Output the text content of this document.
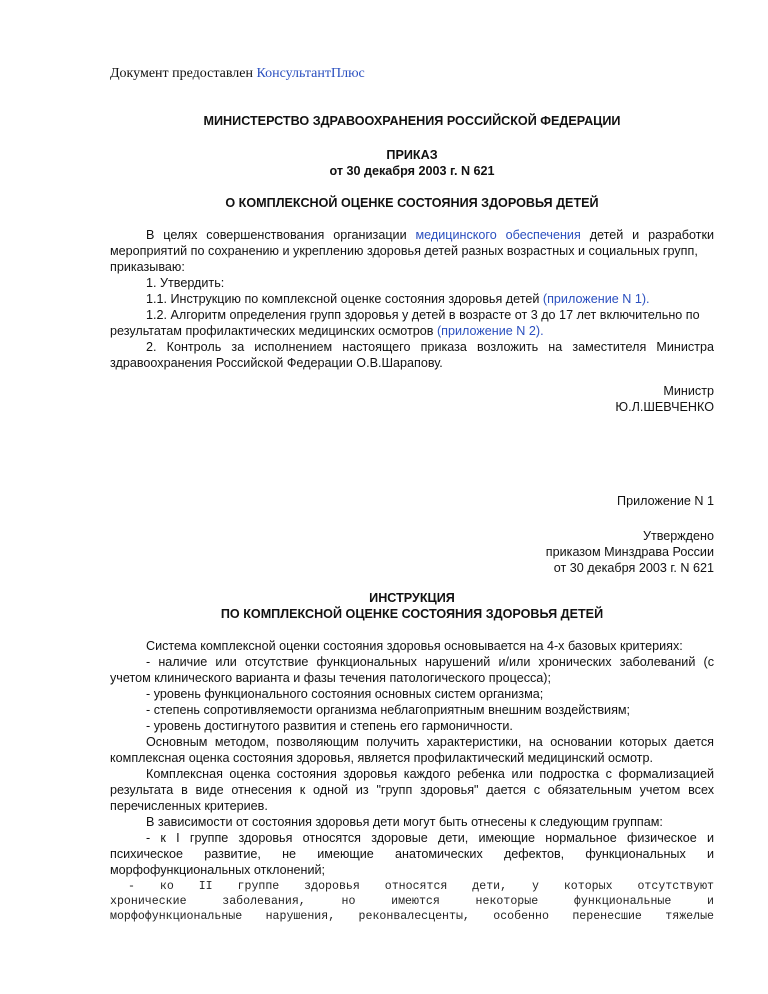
Документ предоставлен КонсультантПлюс
МИНИСТЕРСТВО ЗДРАВООХРАНЕНИЯ РОССИЙСКОЙ ФЕДЕРАЦИИ
ПРИКАЗ
от 30 декабря 2003 г. N 621
О КОМПЛЕКСНОЙ ОЦЕНКЕ СОСТОЯНИЯ ЗДОРОВЬЯ ДЕТЕЙ
В целях совершенствования организации медицинского обеспечения детей и разработки
мероприятий по сохранению и укреплению здоровья детей разных возрастных и социальных групп,
приказываю:
1. Утвердить:
1.1. Инструкцию по комплексной оценке состояния здоровья детей (приложение N 1).
1.2. Алгоритм определения групп здоровья у детей в возрасте от 3 до 17 лет включительно по
результатам профилактических медицинских осмотров (приложение N 2).
2. Контроль за исполнением настоящего приказа возложить на заместителя Министра
здравоохранения Российской Федерации О.В.Шарапову.
Министр
Ю.Л.ШЕВЧЕНКО
Приложение N 1
Утверждено
приказом Минздрава России
от 30 декабря 2003 г. N 621
ИНСТРУКЦИЯ
ПО КОМПЛЕКСНОЙ ОЦЕНКЕ СОСТОЯНИЯ ЗДОРОВЬЯ ДЕТЕЙ
Система комплексной оценки состояния здоровья основывается на 4-х базовых критериях:
- наличие или отсутствие функциональных нарушений и/или хронических заболеваний (с
учетом клинического варианта и фазы течения патологического процесса);
- уровень функционального состояния основных систем организма;
- степень сопротивляемости организма неблагоприятным внешним воздействиям;
- уровень достигнутого развития и степень его гармоничности.
Основным методом, позволяющим получить характеристики, на основании которых дается
комплексная оценка состояния здоровья, является профилактический медицинский осмотр.
Комплексная оценка состояния здоровья каждого ребенка или подростка с формализацией
результата в виде отнесения к одной из "групп здоровья" дается с обязательным учетом всех
перечисленных критериев.
В зависимости от состояния здоровья дети могут быть отнесены к следующим группам:
- к I группе здоровья относятся здоровые дети, имеющие нормальное физическое и
психическое развитие, не имеющие анатомических дефектов, функциональных и
морфофункциональных отклонений;
- ко II группе здоровья относятся дети, у которых отсутствуют
хронические заболевания, но имеются некоторые функциональные и
морфофункциональные нарушения, реконвалесценты, особенно перенесшие тяжелые
